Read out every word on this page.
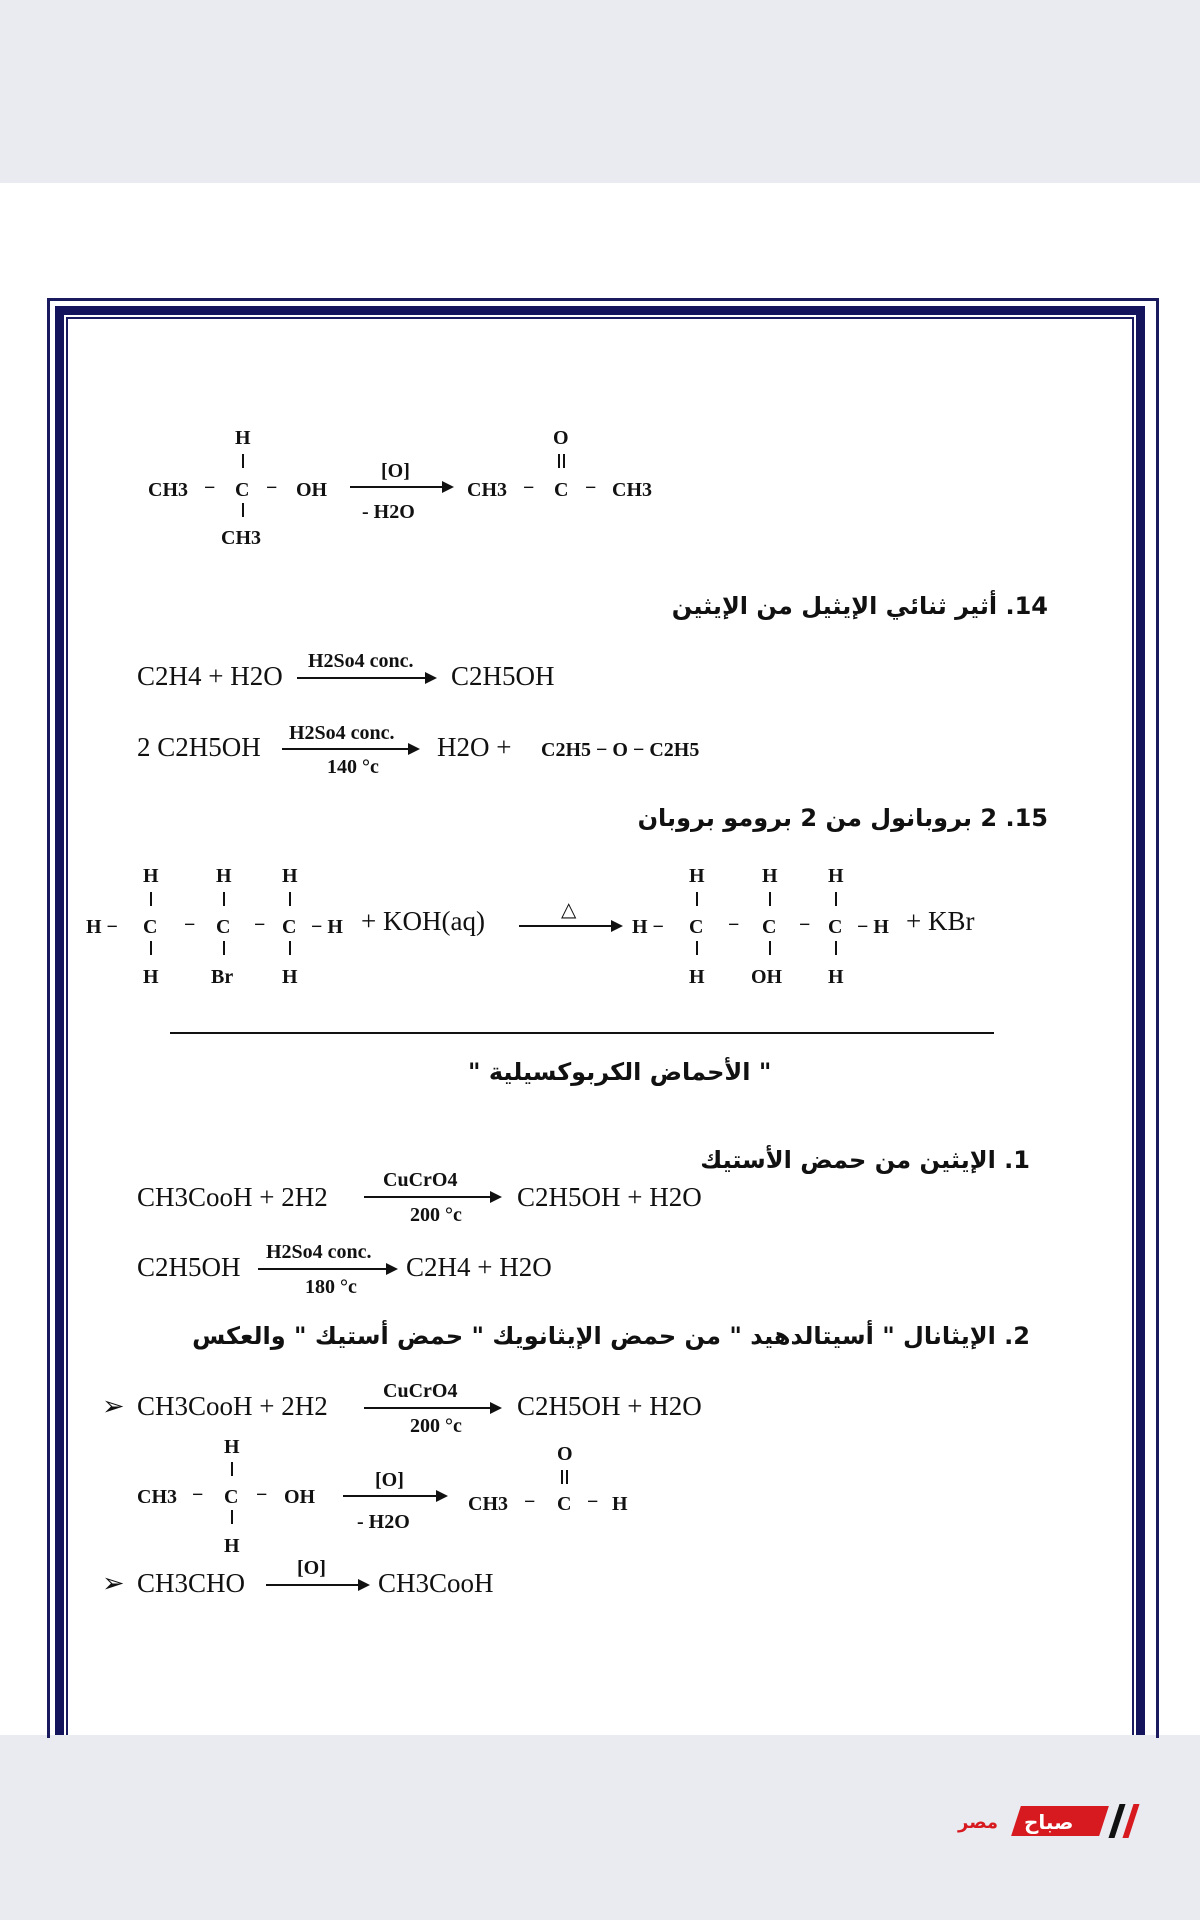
H
CH3 − C − OH
CH3
[O]
- H2O
O
CH3 − C − CH3
14. أثير ثنائي الإيثيل من الإيثين
C2H4 + H2O H2So4 conc. C2H5OH
2 C2H5OH H2So4 conc.
140 °c
H2O + C2H5 − O − C2H5
15. 2 بروبانول من 2 برومو بروبان
H	H	H
H − C − C − C − H + KOH(aq)
H	Br H
△
H	H	H
H − C − C − C − H + KBr
H OH H
" الأحماض الكربوكسيلية "
1. الإيثين من حمض الأستيك
CH3CooH + 2H2
CuCrO4
200 °c
C2H5OH + H2O
C2H5OH H2So4 conc.
180 °c
C2H4 + H2O
2. الإيثانال " أسيتالدهيد " من حمض الإيثانويك " حمض أستيك " والعكس
➢ CH3CooH + 2H2	CuCrO4
200 °c
C2H5OH + H2O
H
CH3 − C − OH
H
[O]
- H2O
O
CH3 − C − H
➢ CH3CHO	[O] CH3CooH
مصر صباح
